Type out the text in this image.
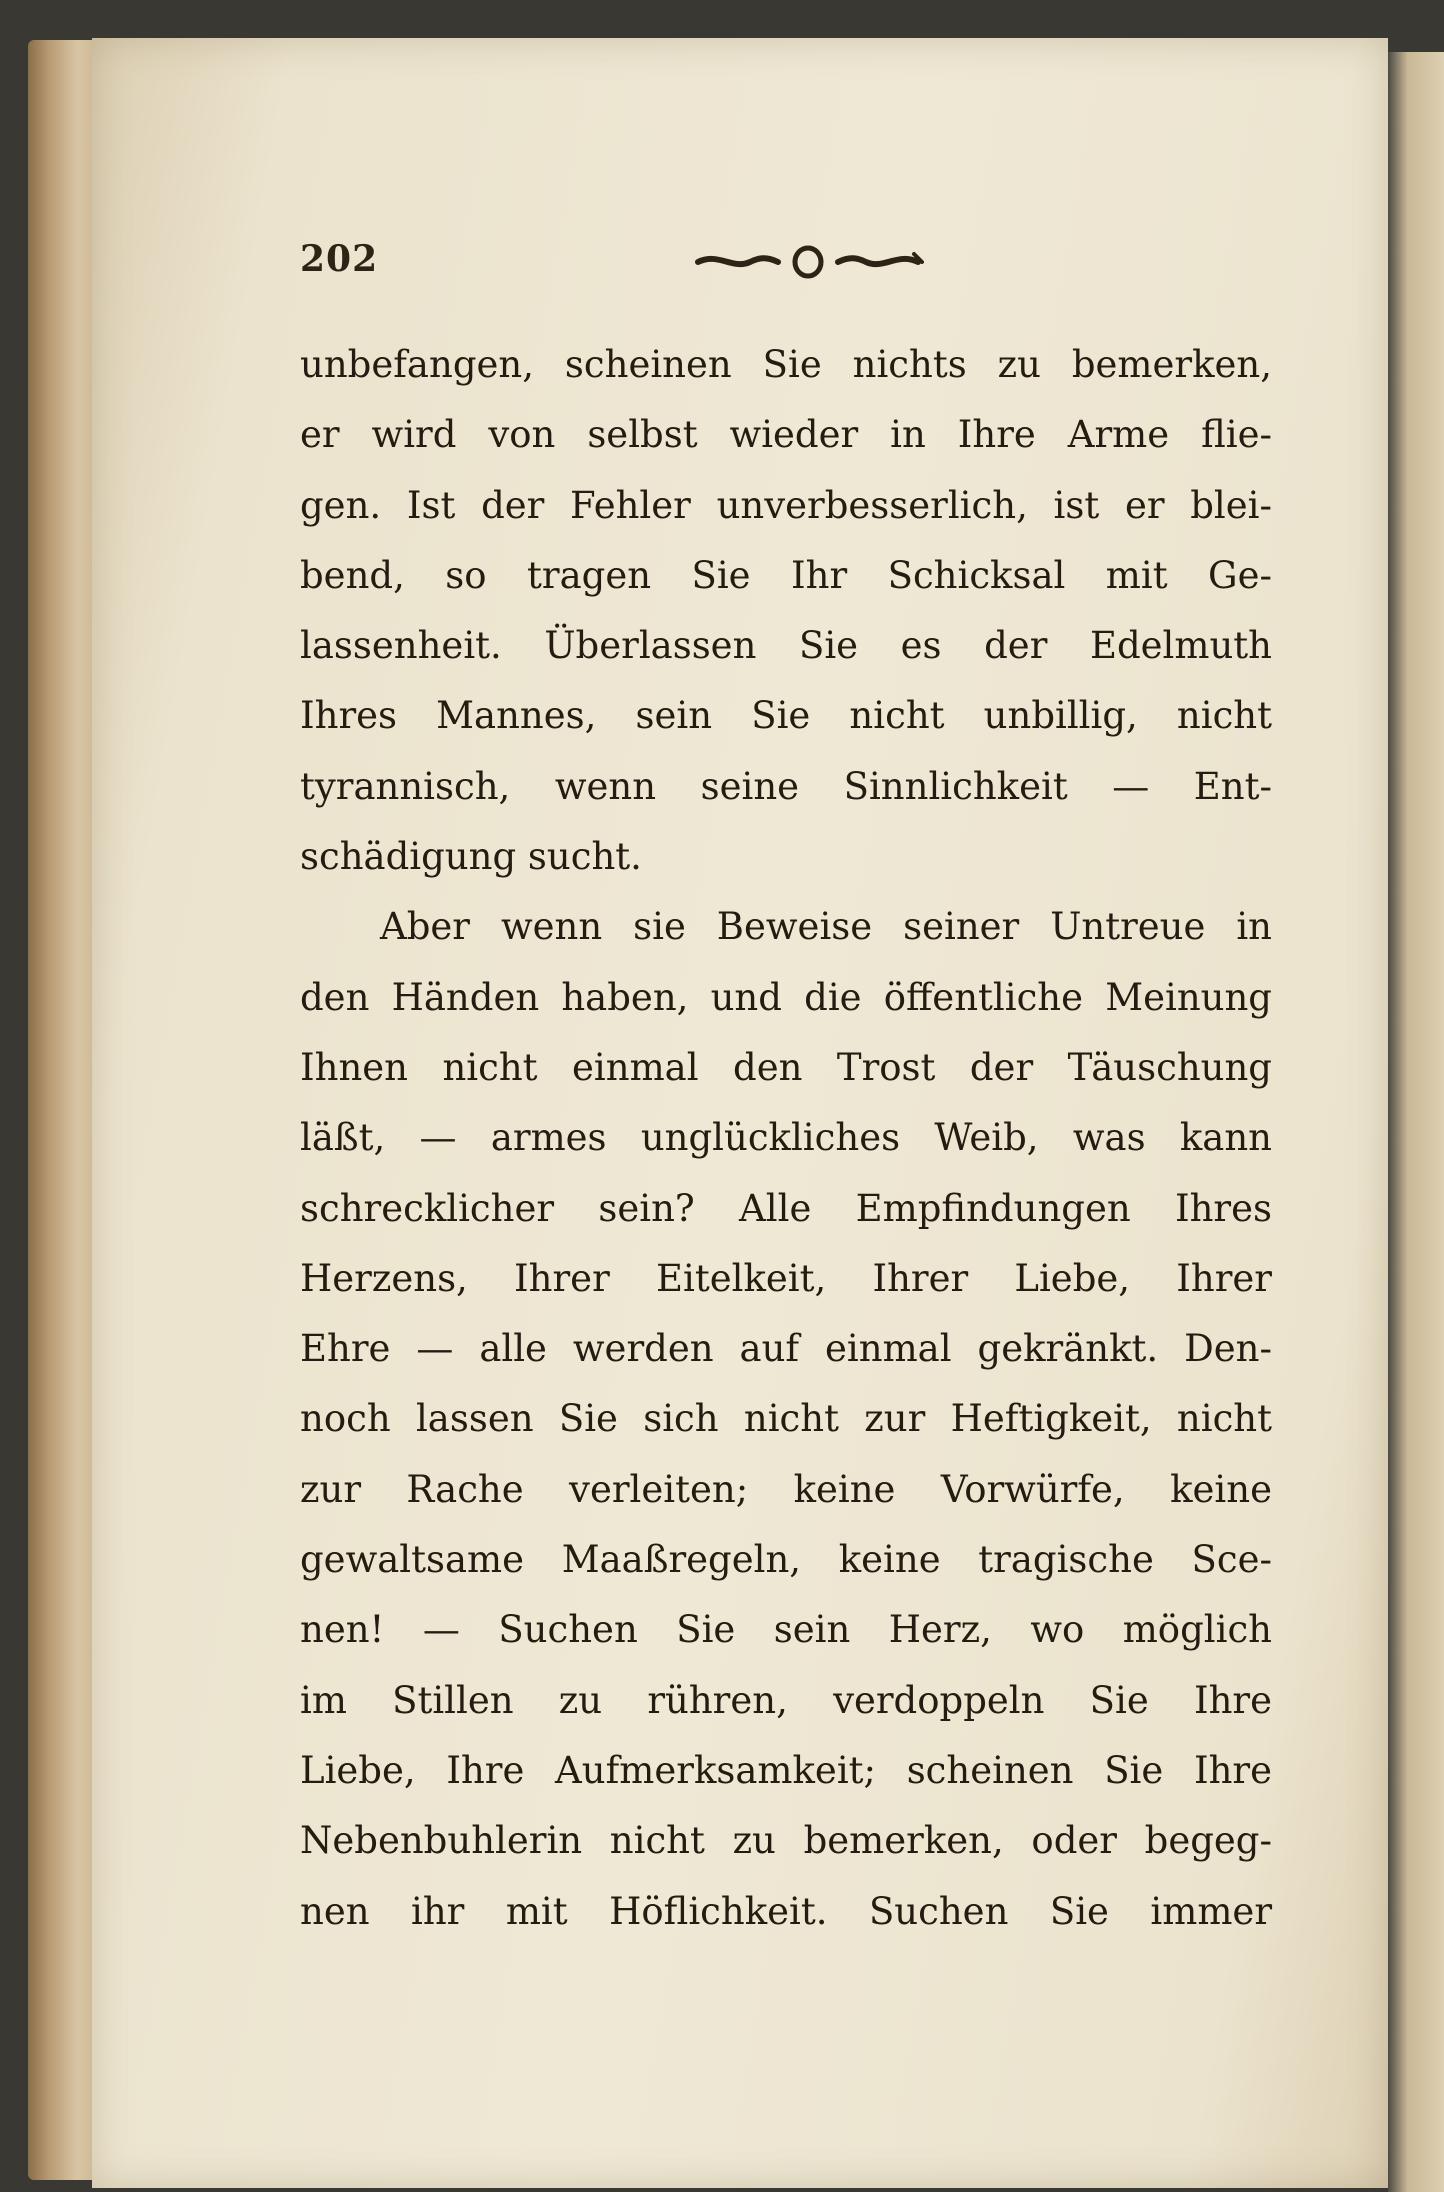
202
unbefangen, scheinen Sie nichts zu bemerken,
er wird von selbst wieder in Ihre Arme flie-
gen. Ist der Fehler unverbesserlich, ist er blei-
bend, so tragen Sie Ihr Schicksal mit Ge-
lassenheit. Überlassen Sie es der Edelmuth
Ihres Mannes, sein Sie nicht unbillig, nicht
tyrannisch, wenn seine Sinnlichkeit — Ent-
schädigung sucht.
Aber wenn sie Beweise seiner Untreue in
den Händen haben, und die öffentliche Meinung
Ihnen nicht einmal den Trost der Täuschung
läßt, — armes unglückliches Weib, was kann
schrecklicher sein? Alle Empfindungen Ihres
Herzens, Ihrer Eitelkeit, Ihrer Liebe, Ihrer
Ehre — alle werden auf einmal gekränkt. Den-
noch lassen Sie sich nicht zur Heftigkeit, nicht
zur Rache verleiten; keine Vorwürfe, keine
gewaltsame Maaßregeln, keine tragische Sce-
nen! — Suchen Sie sein Herz, wo möglich
im Stillen zu rühren, verdoppeln Sie Ihre
Liebe, Ihre Aufmerksamkeit; scheinen Sie Ihre
Nebenbuhlerin nicht zu bemerken, oder begeg-
nen ihr mit Höflichkeit. Suchen Sie immer
